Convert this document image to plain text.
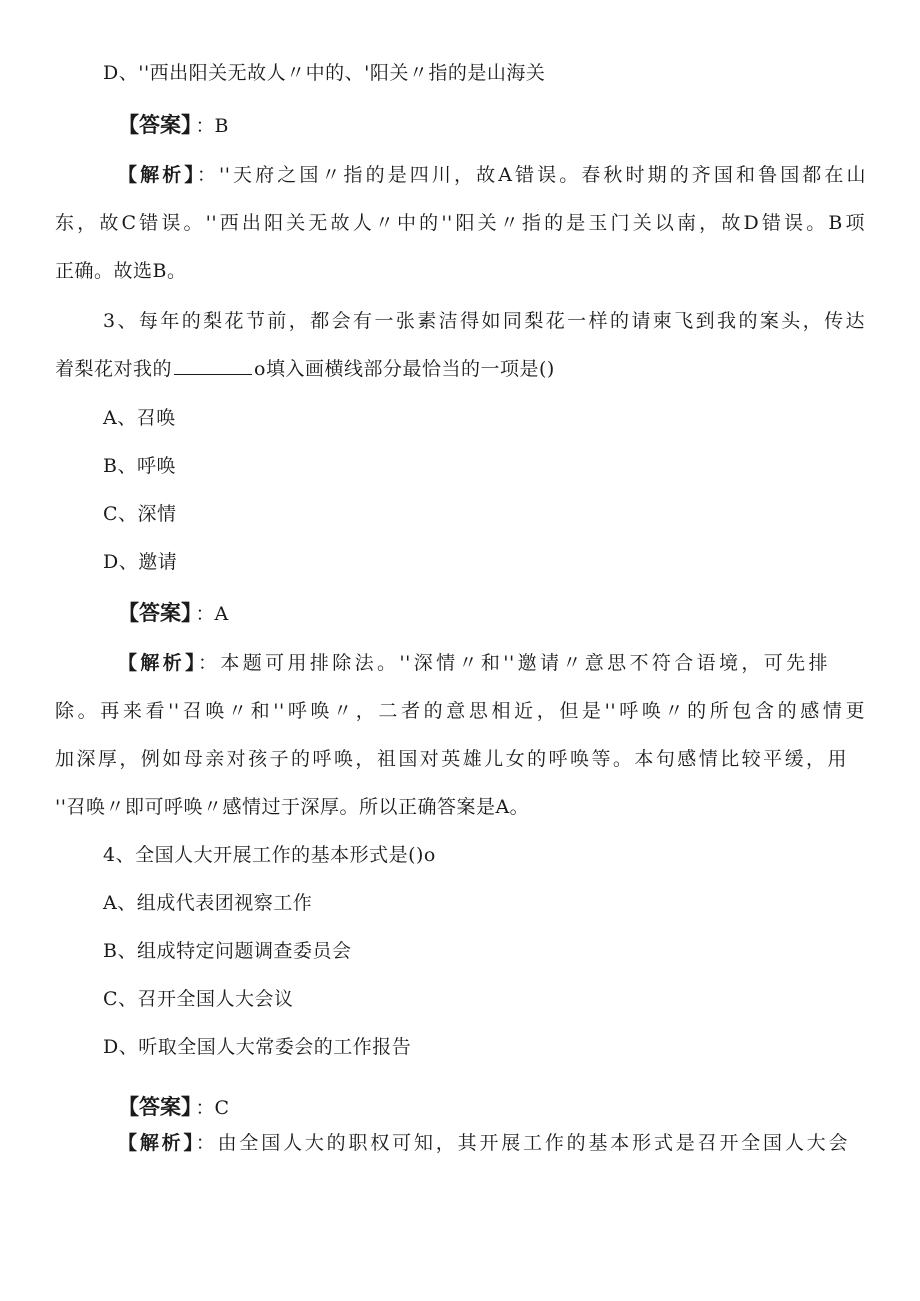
D、''西出阳关无故人〃中的、'阳关〃指的是山海关
【答案】 ：B
【解析】：''天府之国〃指的是四川，故A错误。春秋时期的齐国和鲁国都在山
东，故C错误。''西出阳关无故人〃中的''阳关〃指的是玉门关以南，故D错误。B项
正确。故选B。
3、每年的梨花节前，都会有一张素洁得如同梨花一样的请柬飞到我的案头，传达
着梨花对我的	o填入画横线部分最恰当的一项是()
A、召唤
B、呼唤
C、深情
D、邀请
【答案】 ：A
【解析】：本题可用排除法。''深情〃和''邀请〃意思不符合语境，可先排
除。再来看''召唤〃和''呼唤〃，二者的意思相近，但是''呼唤〃的所包含的感情更
加深厚，例如母亲对孩子的呼唤，祖国对英雄儿女的呼唤等。本句感情比较平缓，用
''召唤〃即可呼唤〃感情过于深厚。所以正确答案是A。
4、全国人大开展工作的基本形式是()o
A、组成代表团视察工作
B、组成特定问题调查委员会
C、召开全国人大会议
D、听取全国人大常委会的工作报告
【答案】 ：C
【解析】：由全国人大的职权可知，其开展工作的基本形式是召开全国人大会
